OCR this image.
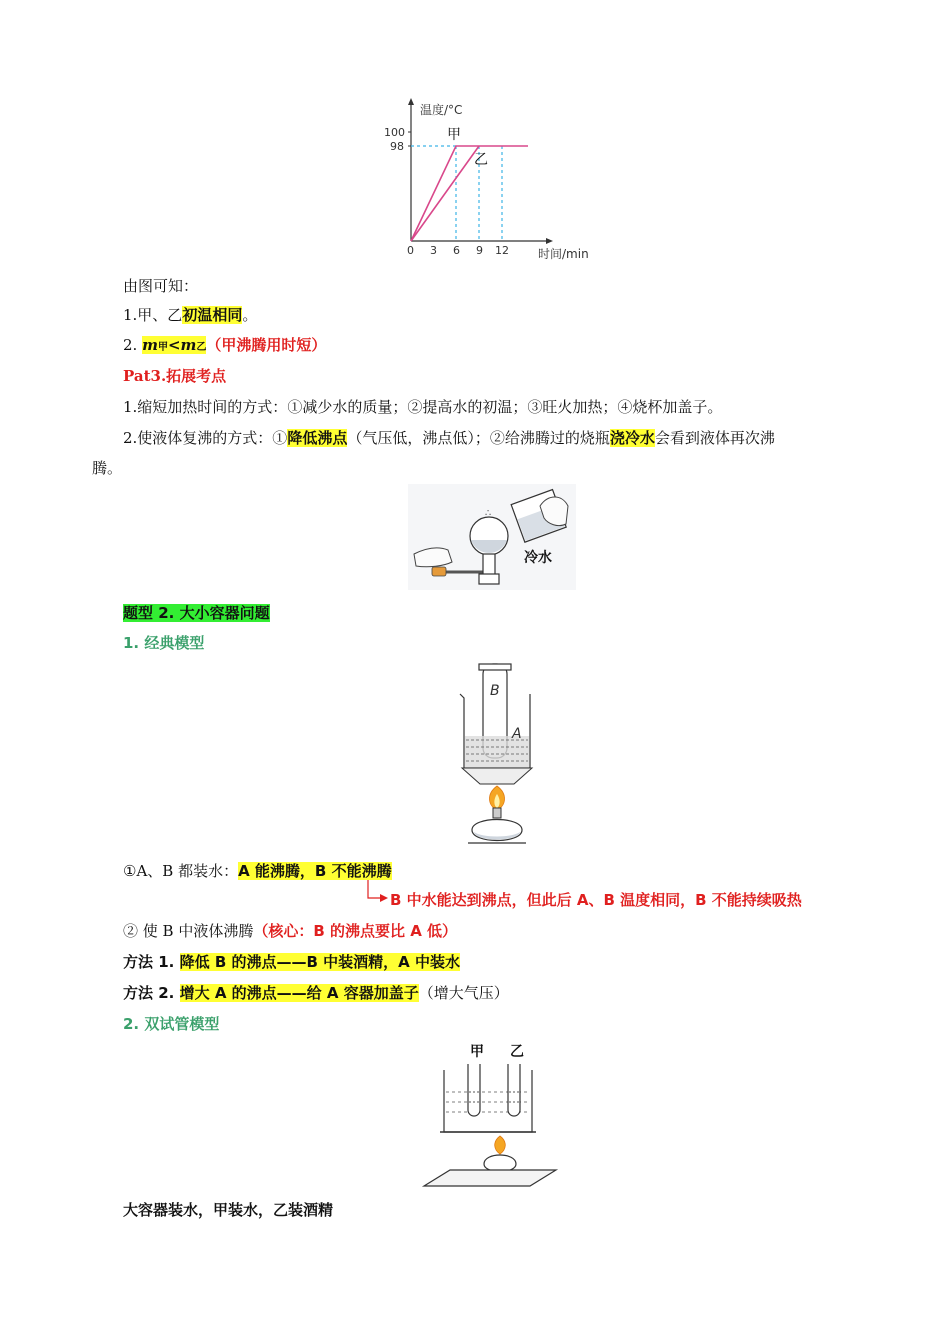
温度/°C
时间/min
100
98
0 3 6 9 12
甲
乙
由图可知：
1.甲、乙初温相同。
2. m甲<m乙（甲沸腾用时短）
Pat3.拓展考点
1.缩短加热时间的方式：①减少水的质量；②提高水的初温；③旺火加热；④烧杯加盖子。
2.使液体复沸的方式：①降低沸点（气压低，沸点低）；②给沸腾过的烧瓶浇冷水会看到液体再次沸
腾。
∴
冷水
题型 2. 大小容器问题
1. 经典模型
B
A
①A、B 都装水：A 能沸腾，B 不能沸腾
B 中水能达到沸点，但此后 A、B 温度相同，B 不能持续吸热
② 使 B 中液体沸腾（核心：B 的沸点要比 A 低）
方法 1. 降低 B 的沸点——B 中装酒精，A 中装水
方法 2. 增大 A 的沸点——给 A 容器加盖子（增大气压）
2. 双试管模型
甲 乙
大容器装水，甲装水，乙装酒精
